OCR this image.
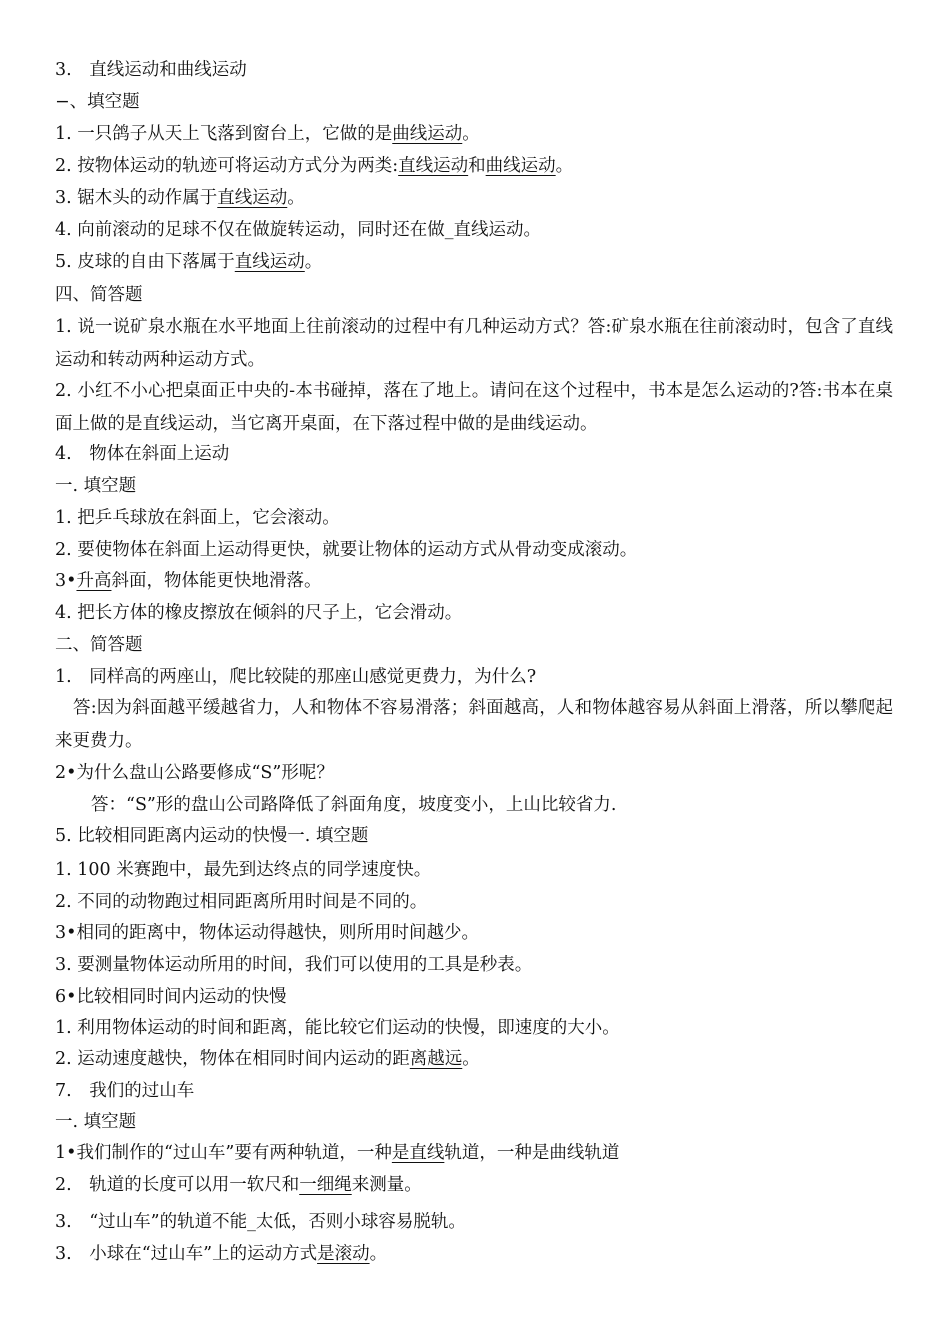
3.　直线运动和曲线运动
−、填空题
1. 一只鸽子从天上飞落到窗台上，它做的是曲线运动。
2. 按物体运动的轨迹可将运动方式分为两类:直线运动和曲线运动。
3. 锯木头的动作属于直线运动。
4. 向前滚动的足球不仅在做旋转运动，同时还在做_直线运动。
5. 皮球的自由下落属于直线运动。
四、简答题
1. 说一说矿泉水瓶在水平地面上往前滚动的过程中有几种运动方式？答:矿泉水瓶在往前滚动时，包含了直线运动和转动两种运动方式。
2. 小红不小心把桌面正中央的-本书碰掉，落在了地上。请问在这个过程中，书本是怎么运动的?答:书本在桌面上做的是直线运动，当它离开桌面，在下落过程中做的是曲线运动。
4.　物体在斜面上运动
一. 填空题
1. 把乒乓球放在斜面上，它会滚动。
2. 要使物体在斜面上运动得更快，就要让物体的运动方式从骨动变成滚动。
3•升高斜面，物体能更快地滑落。
4. 把长方体的橡皮擦放在倾斜的尺子上，它会滑动。
二、简答题
1.　同样高的两座山，爬比较陡的那座山感觉更费力，为什么?
答:因为斜面越平缓越省力，人和物体不容易滑落；斜面越高，人和物体越容易从斜面上滑落，所以攀爬起来更费力。
2•为什么盘山公路要修成“S”形呢？
答：“S”形的盘山公司路降低了斜面角度，坡度变小，上山比较省力.
5. 比较相同距离内运动的快慢一. 填空题
1. 100 米赛跑中，最先到达终点的同学速度快。
2. 不同的动物跑过相同距离所用时间是不同的。
3•相同的距离中，物体运动得越快，则所用时间越少。
3. 要测量物体运动所用的时间，我们可以使用的工具是秒表。
6•比较相同时间内运动的快慢
1. 利用物体运动的时间和距离，能比较它们运动的快慢，即速度的大小。
2. 运动速度越快，物体在相同时间内运动的距离越远。
7.　我们的过山车
一. 填空题
1•我们制作的“过山车”要有两种轨道，一种是直线轨道，一种是曲线轨道
2.　轨道的长度可以用一软尺和一细绳来测量。
3.　“过山车”的轨道不能_太低，否则小球容易脱轨。
3.　小球在“过山车”上的运动方式是滚动。
